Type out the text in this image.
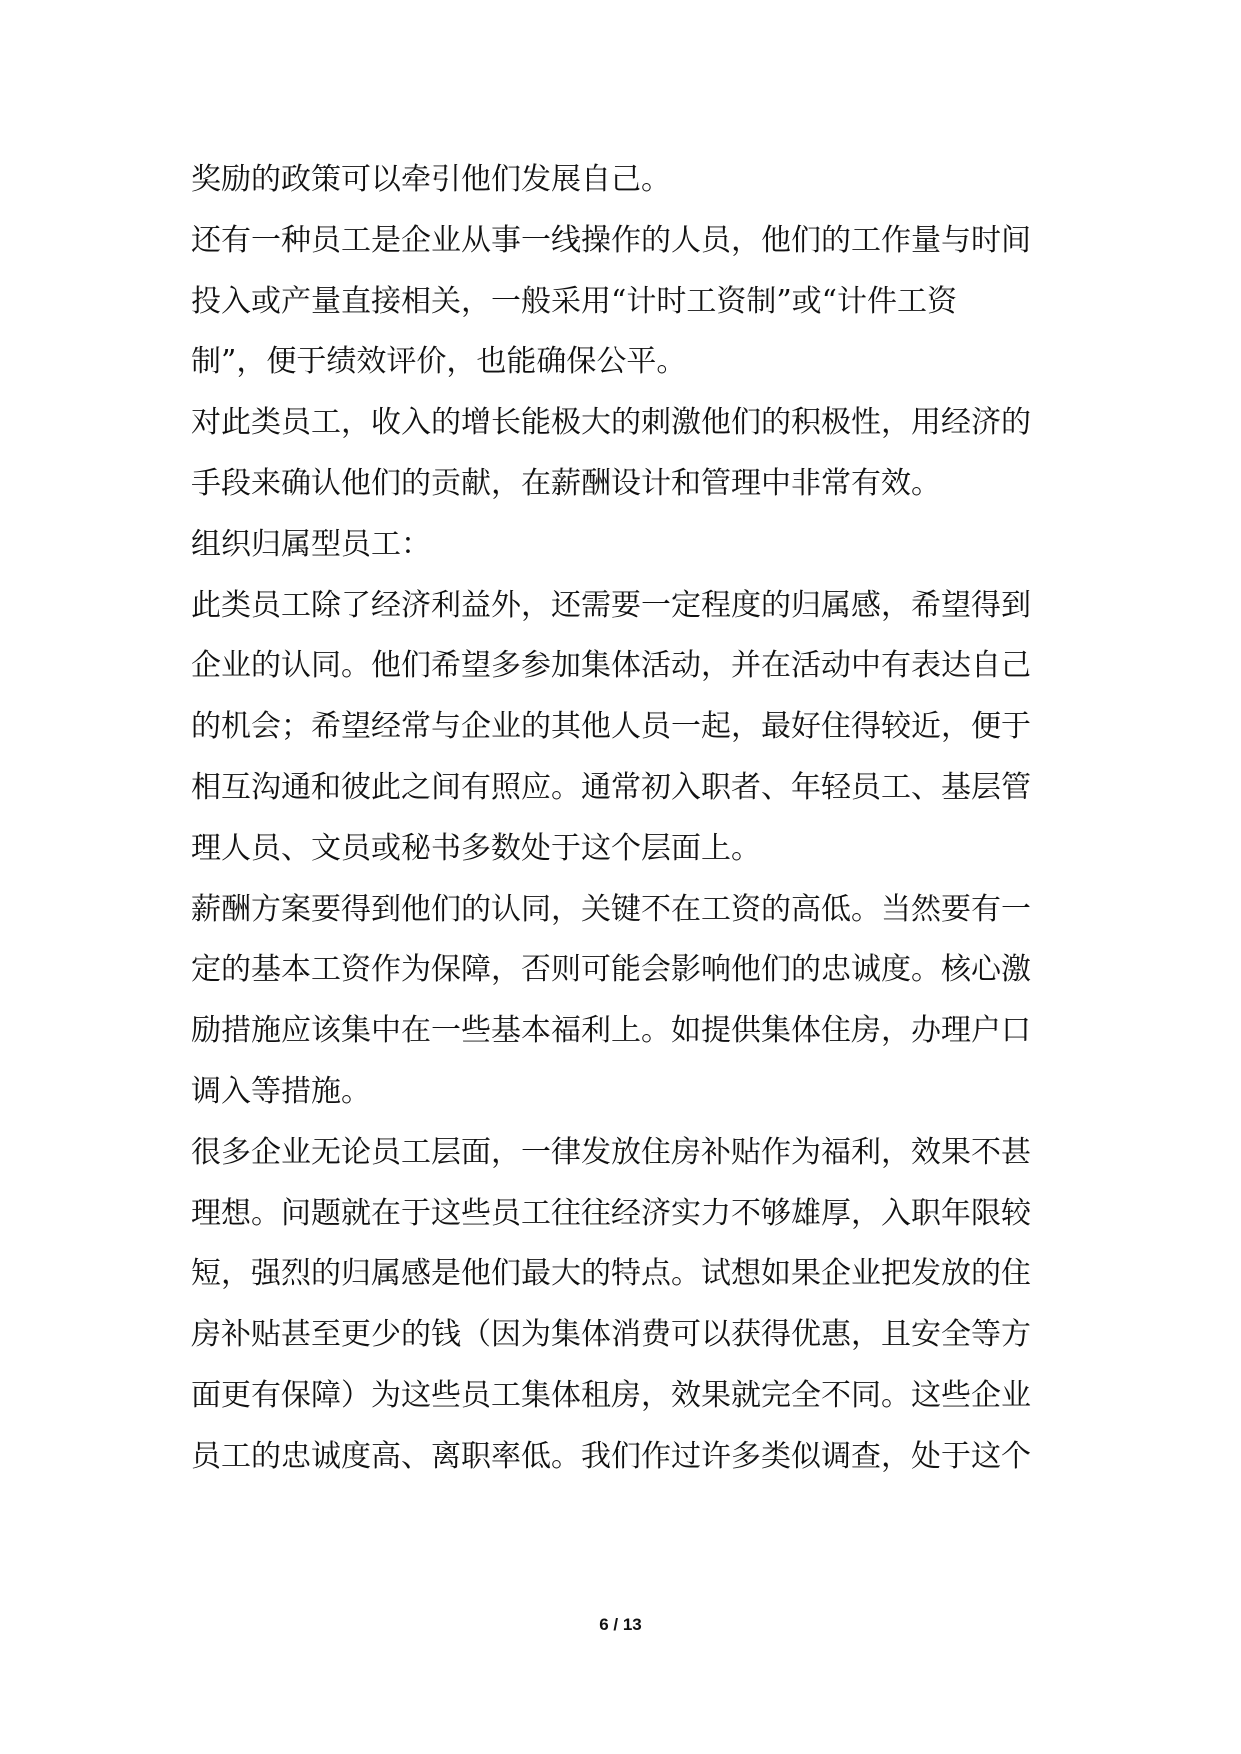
奖励的政策可以牵引他们发展自己。
还有一种员工是企业从事一线操作的人员，他们的工作量与时间
投入或产量直接相关，一般采用“计时工资制”或“计件工资
制”，便于绩效评价，也能确保公平。
对此类员工，收入的增长能极大的刺激他们的积极性，用经济的
手段来确认他们的贡献，在薪酬设计和管理中非常有效。
组织归属型员工：
此类员工除了经济利益外，还需要一定程度的归属感，希望得到
企业的认同。他们希望多参加集体活动，并在活动中有表达自己
的机会；希望经常与企业的其他人员一起，最好住得较近，便于
相互沟通和彼此之间有照应。通常初入职者、年轻员工、基层管
理人员、文员或秘书多数处于这个层面上。
薪酬方案要得到他们的认同，关键不在工资的高低。当然要有一
定的基本工资作为保障，否则可能会影响他们的忠诚度。核心激
励措施应该集中在一些基本福利上。如提供集体住房，办理户口
调入等措施。
很多企业无论员工层面，一律发放住房补贴作为福利，效果不甚
理想。问题就在于这些员工往往经济实力不够雄厚，入职年限较
短，强烈的归属感是他们最大的特点。试想如果企业把发放的住
房补贴甚至更少的钱（因为集体消费可以获得优惠，且安全等方
面更有保障）为这些员工集体租房，效果就完全不同。这些企业
员工的忠诚度高、离职率低。我们作过许多类似调查，处于这个
6 / 13
